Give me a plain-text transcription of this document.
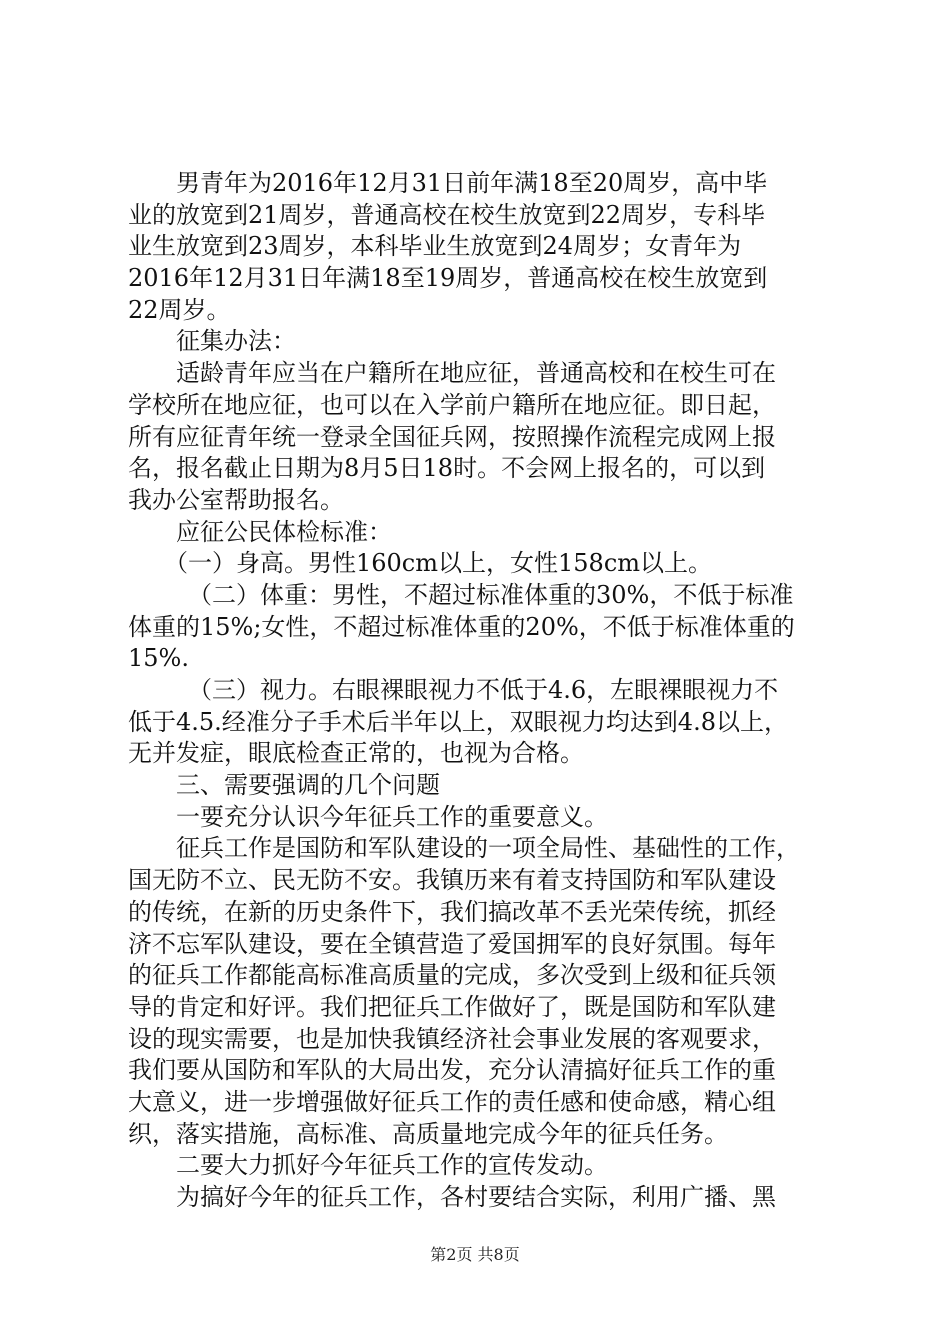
男青年为2016年12月31日前年满18至20周岁，高中毕
业的放宽到21周岁，普通高校在校生放宽到22周岁，专科毕
业生放宽到23周岁，本科毕业生放宽到24周岁；女青年为
2016年12月31日年满18至19周岁，普通高校在校生放宽到
22周岁。
征集办法：
适龄青年应当在户籍所在地应征，普通高校和在校生可在
学校所在地应征，也可以在入学前户籍所在地应征。即日起，
所有应征青年统一登录全国征兵网，按照操作流程完成网上报
名，报名截止日期为8月5日18时。不会网上报名的，可以到
我办公室帮助报名。
应征公民体检标准：
（一）身高。男性160cm以上，女性158cm以上。
（二）体重：男性，不超过标准体重的30%，不低于标准
体重的15%;女性，不超过标准体重的20%，不低于标准体重的
15%.
（三）视力。右眼裸眼视力不低于4.6，左眼裸眼视力不
低于4.5.经准分子手术后半年以上，双眼视力均达到4.8以上，
无并发症，眼底检查正常的，也视为合格。
三、需要强调的几个问题
一要充分认识今年征兵工作的重要意义。
征兵工作是国防和军队建设的一项全局性、基础性的工作，
国无防不立、民无防不安。我镇历来有着支持国防和军队建设
的传统，在新的历史条件下，我们搞改革不丢光荣传统，抓经
济不忘军队建设，要在全镇营造了爱国拥军的良好氛围。每年
的征兵工作都能高标准高质量的完成，多次受到上级和征兵领
导的肯定和好评。我们把征兵工作做好了，既是国防和军队建
设的现实需要，也是加快我镇经济社会事业发展的客观要求，
我们要从国防和军队的大局出发，充分认清搞好征兵工作的重
大意义，进一步增强做好征兵工作的责任感和使命感，精心组
织，落实措施，高标准、高质量地完成今年的征兵任务。
二要大力抓好今年征兵工作的宣传发动。
为搞好今年的征兵工作，各村要结合实际，利用广播、黑
第2页 共8页
